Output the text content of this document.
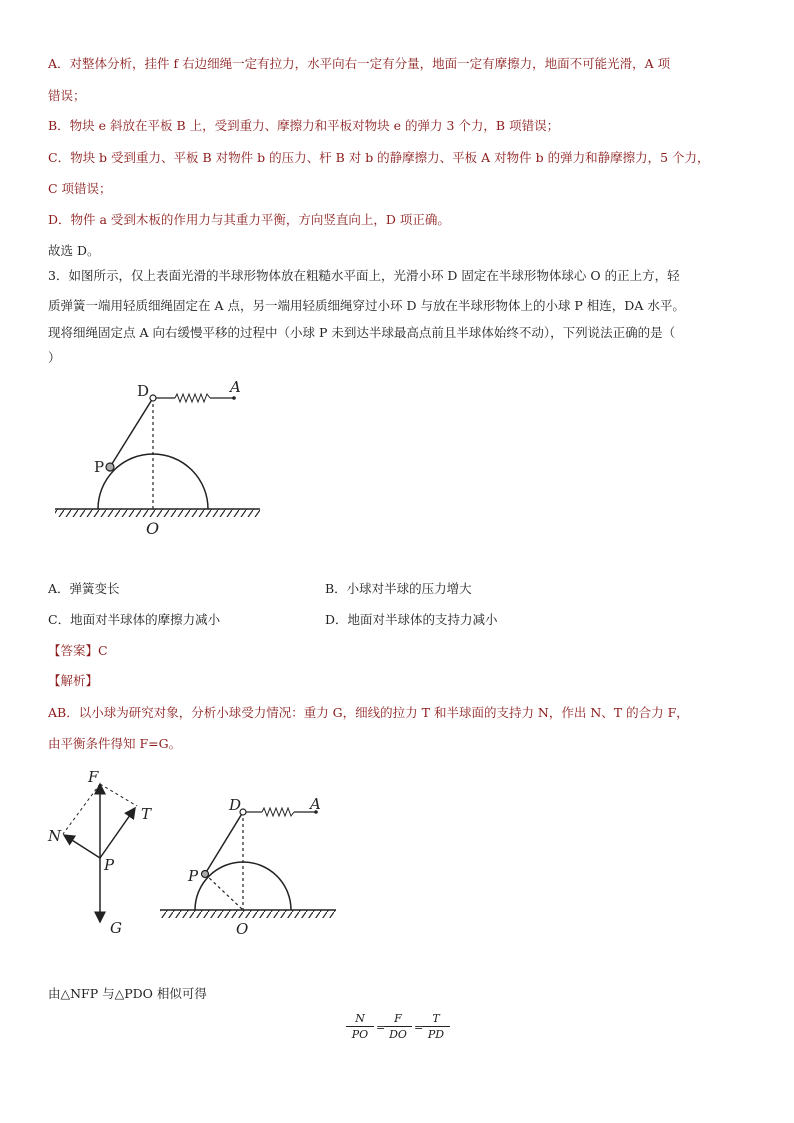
A．对整体分析，挂件 f 右边细绳一定有拉力，水平向右一定有分量，地面一定有摩擦力，地面不可能光滑，A 项
错误；
B．物块 e 斜放在平板 B 上，受到重力、摩擦力和平板对物块 e 的弹力 3 个力，B 项错误；
C．物块 b 受到重力、平板 B 对物件 b 的压力、杆 B 对 b 的静摩擦力、平板 A 对物件 b 的弹力和静摩擦力，5 个力，
C 项错误；
D．物件 a 受到木板的作用力与其重力平衡，方向竖直向上，D 项正确。
故选 D。
3．如图所示，仅上表面光滑的半球形物体放在粗糙水平面上，光滑小环 D 固定在半球形物体球心 O 的正上方，轻
质弹簧一端用轻质细绳固定在 A 点，另一端用轻质细绳穿过小环 D 与放在半球形物体上的小球 P 相连，DA 水平。
现将细绳固定点 A 向右缓慢平移的过程中（小球 P 未到达半球最高点前且半球体始终不动），下列说法正确的是（
）
D	A
P
O
A．弹簧变长	B．小球对半球的压力增大
C．地面对半球体的摩擦力减小	D．地面对半球体的支持力减小
【答案】C
【解析】
AB．以小球为研究对象，分析小球受力情况：重力 G，细线的拉力 T 和半球面的支持力 N，作出 N、T 的合力 F，
由平衡条件得知 F=G。
F
T
N
P
G
D	A
P
O
由△NFP 与△PDO 相似可得
N
PO
=
F
DO
=
T
PD
